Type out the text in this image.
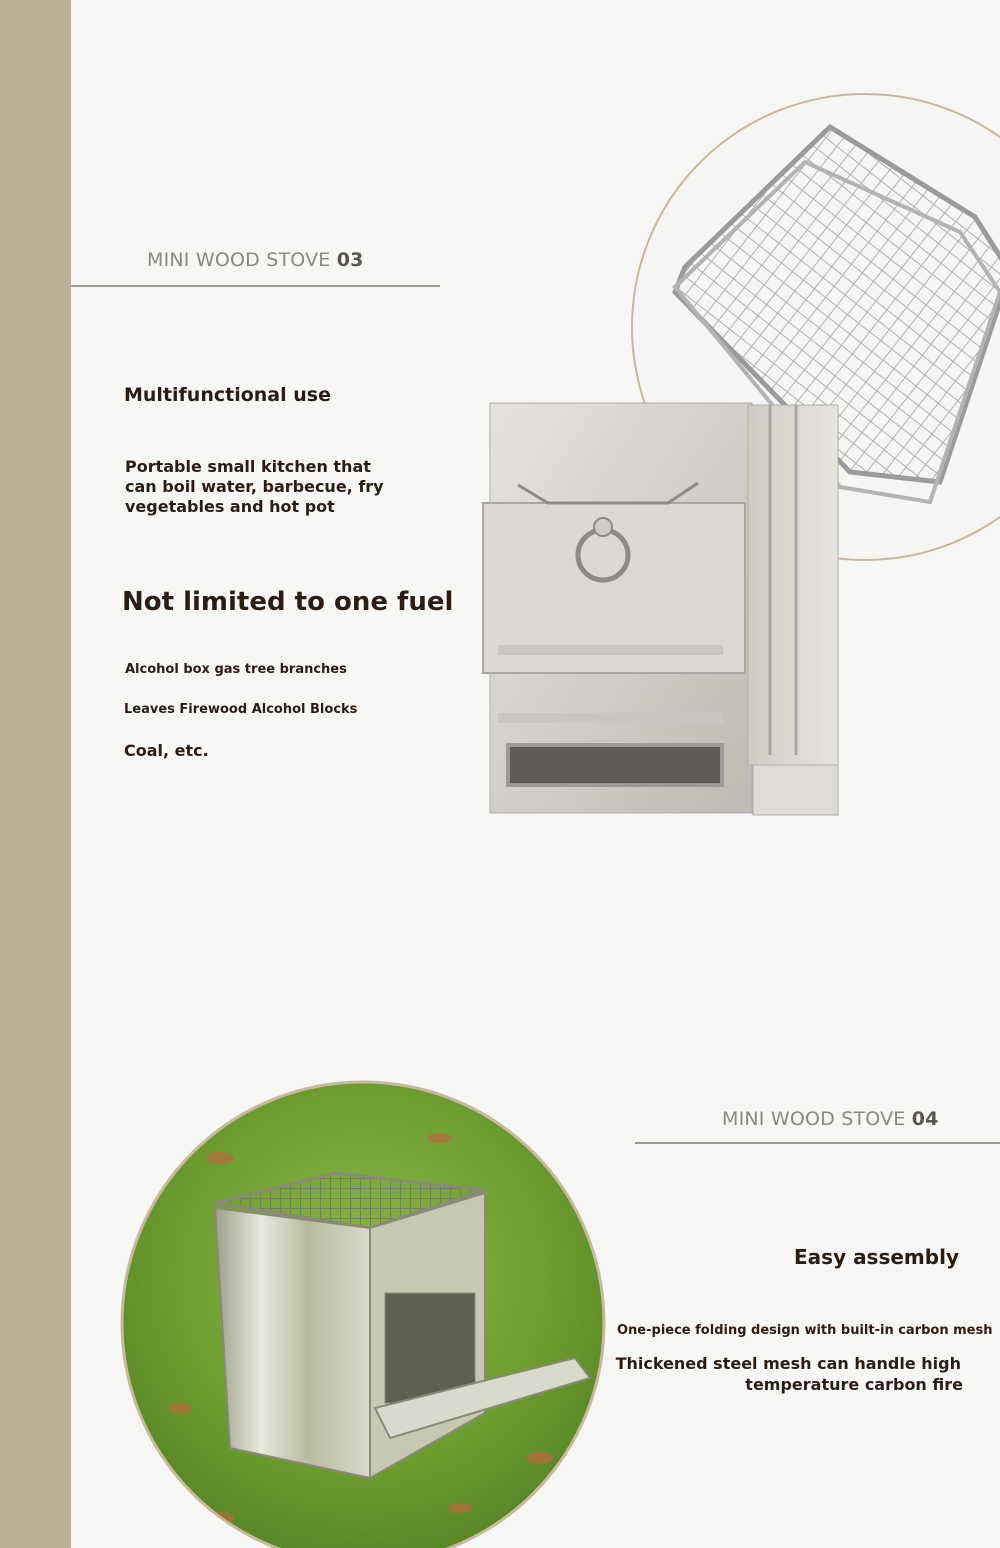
MINI WOOD STOVE 03
Multifunctional use
Portable small kitchen that can boil water, barbecue, fry vegetables and hot pot
Not limited to one fuel
Alcohol box gas tree branches
Leaves Firewood Alcohol Blocks
Coal, etc.
MINI WOOD STOVE 04
Easy assembly
One-piece folding design with built-in carbon mesh
Thickened steel mesh can handle high
temperature carbon fire
